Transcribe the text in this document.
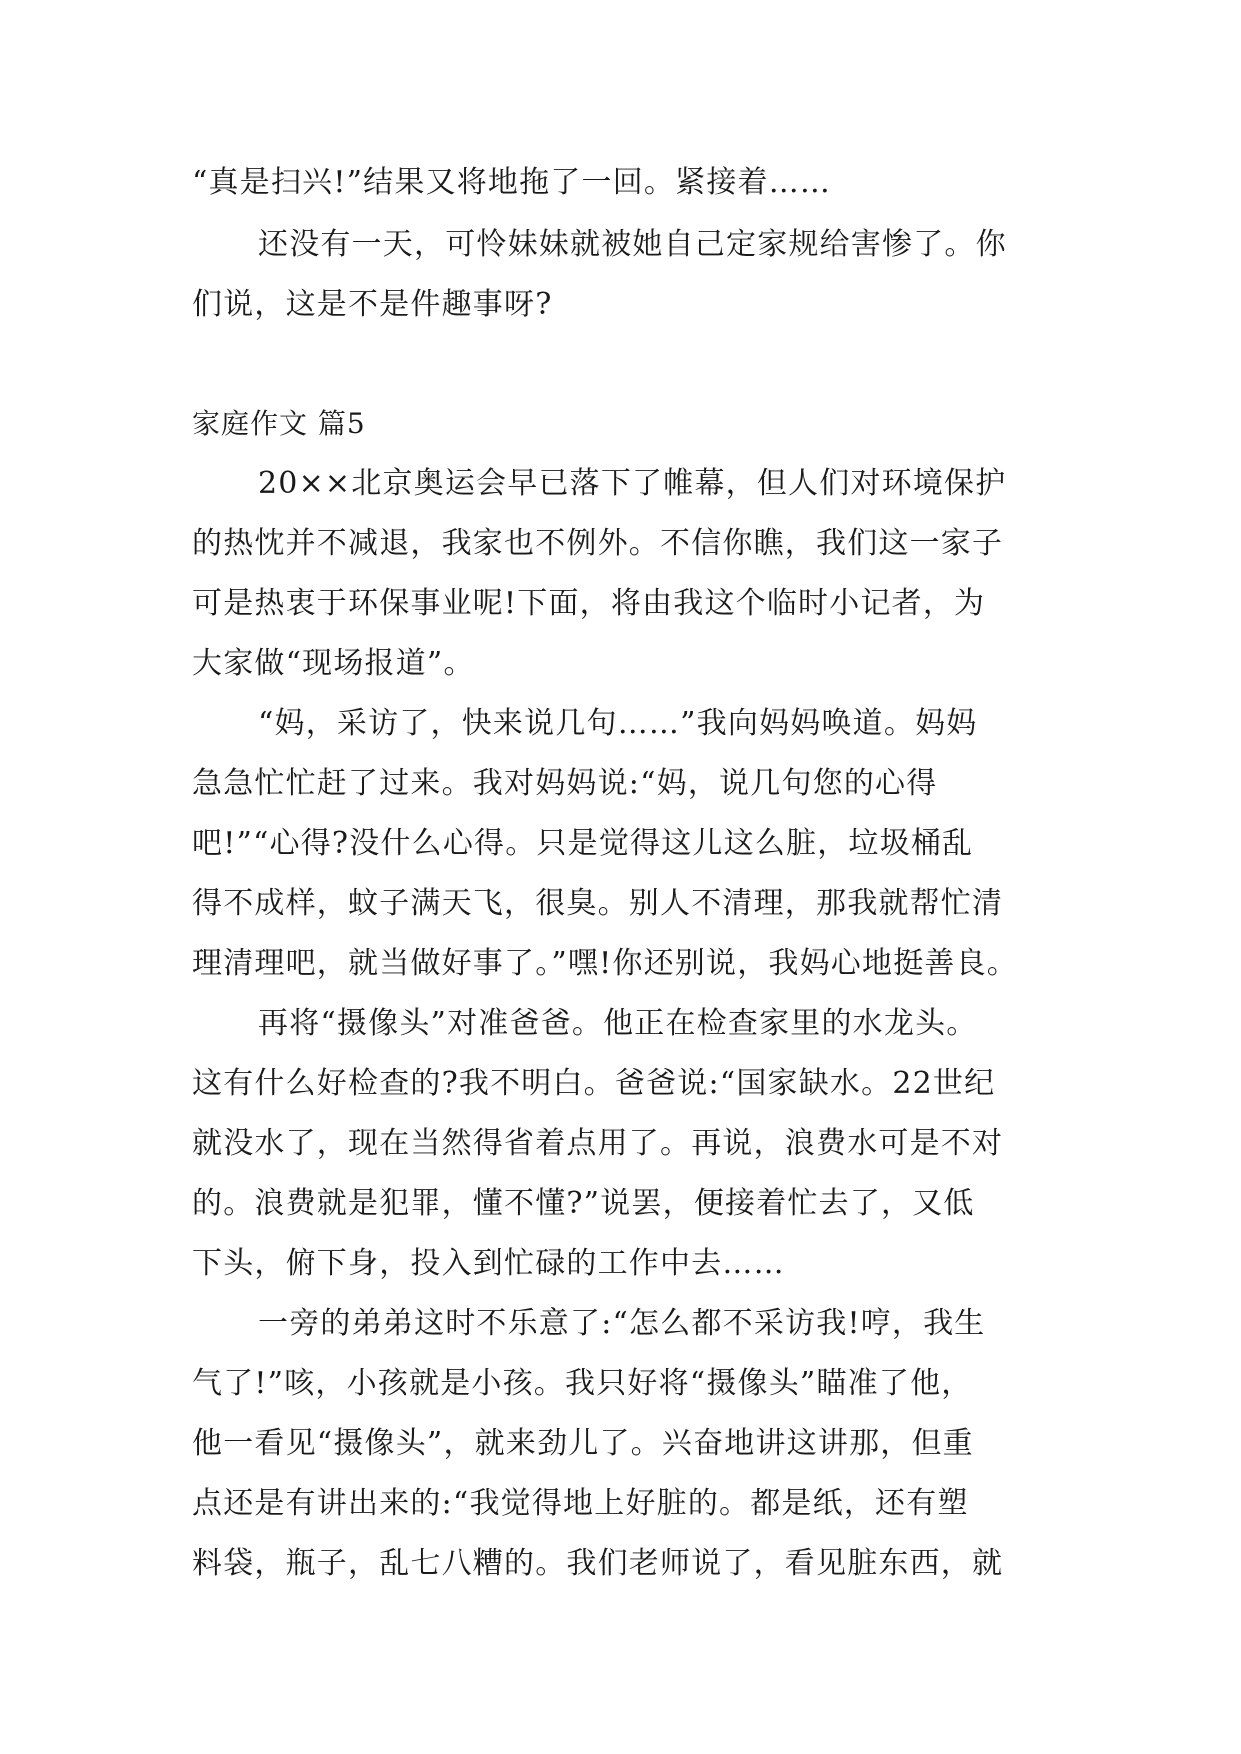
“真是扫兴!”结果又将地拖了一回。紧接着……
还没有一天，可怜妹妹就被她自己定家规给害惨了。你
们说，这是不是件趣事呀?
家庭作文 篇5
20××北京奥运会早已落下了帷幕，但人们对环境保护
的热忱并不减退，我家也不例外。不信你瞧，我们这一家子
可是热衷于环保事业呢!下面，将由我这个临时小记者，为
大家做“现场报道”。
“妈，采访了，快来说几句……”我向妈妈唤道。妈妈
急急忙忙赶了过来。我对妈妈说:“妈，说几句您的心得
吧!”“心得?没什么心得。只是觉得这儿这么脏，垃圾桶乱
得不成样，蚊子满天飞，很臭。别人不清理，那我就帮忙清
理清理吧，就当做好事了。”嘿!你还别说，我妈心地挺善良。
再将“摄像头”对准爸爸。他正在检查家里的水龙头。
这有什么好检查的?我不明白。爸爸说:“国家缺水。22世纪
就没水了，现在当然得省着点用了。再说，浪费水可是不对
的。浪费就是犯罪，懂不懂?”说罢，便接着忙去了，又低
下头，俯下身，投入到忙碌的工作中去……
一旁的弟弟这时不乐意了:“怎么都不采访我!哼，我生
气了!”咳，小孩就是小孩。我只好将“摄像头”瞄准了他，
他一看见“摄像头”，就来劲儿了。兴奋地讲这讲那，但重
点还是有讲出来的:“我觉得地上好脏的。都是纸，还有塑
料袋，瓶子，乱七八糟的。我们老师说了，看见脏东西，就
